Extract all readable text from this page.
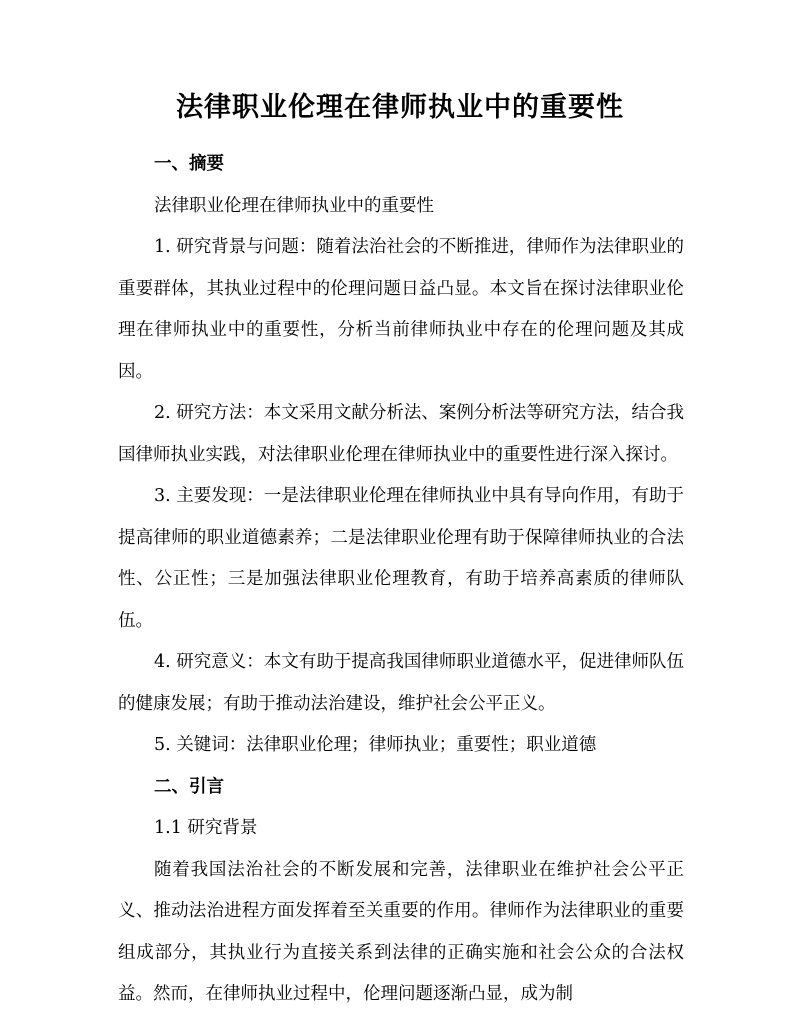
法律职业伦理在律师执业中的重要性

一、摘要

法律职业伦理在律师执业中的重要性

1. 研究背景与问题：随着法治社会的不断推进，律师作为法律职业的重要群体，其执业过程中的伦理问题日益凸显。本文旨在探讨法律职业伦理在律师执业中的重要性，分析当前律师执业中存在的伦理问题及其成因。

2. 研究方法：本文采用文献分析法、案例分析法等研究方法，结合我国律师执业实践，对法律职业伦理在律师执业中的重要性进行深入探讨。

3. 主要发现：一是法律职业伦理在律师执业中具有导向作用，有助于提高律师的职业道德素养；二是法律职业伦理有助于保障律师执业的合法性、公正性；三是加强法律职业伦理教育，有助于培养高素质的律师队伍。

4. 研究意义：本文有助于提高我国律师职业道德水平，促进律师队伍的健康发展；有助于推动法治建设，维护社会公平正义。

5. 关键词：法律职业伦理；律师执业；重要性；职业道德

二、引言

1.1 研究背景

随着我国法治社会的不断发展和完善，法律职业在维护社会公平正义、推动法治进程方面发挥着至关重要的作用。律师作为法律职业的重要组成部分，其执业行为直接关系到法律的正确实施和社会公众的合法权益。然而，在律师执业过程中，伦理问题逐渐凸显，成为制
